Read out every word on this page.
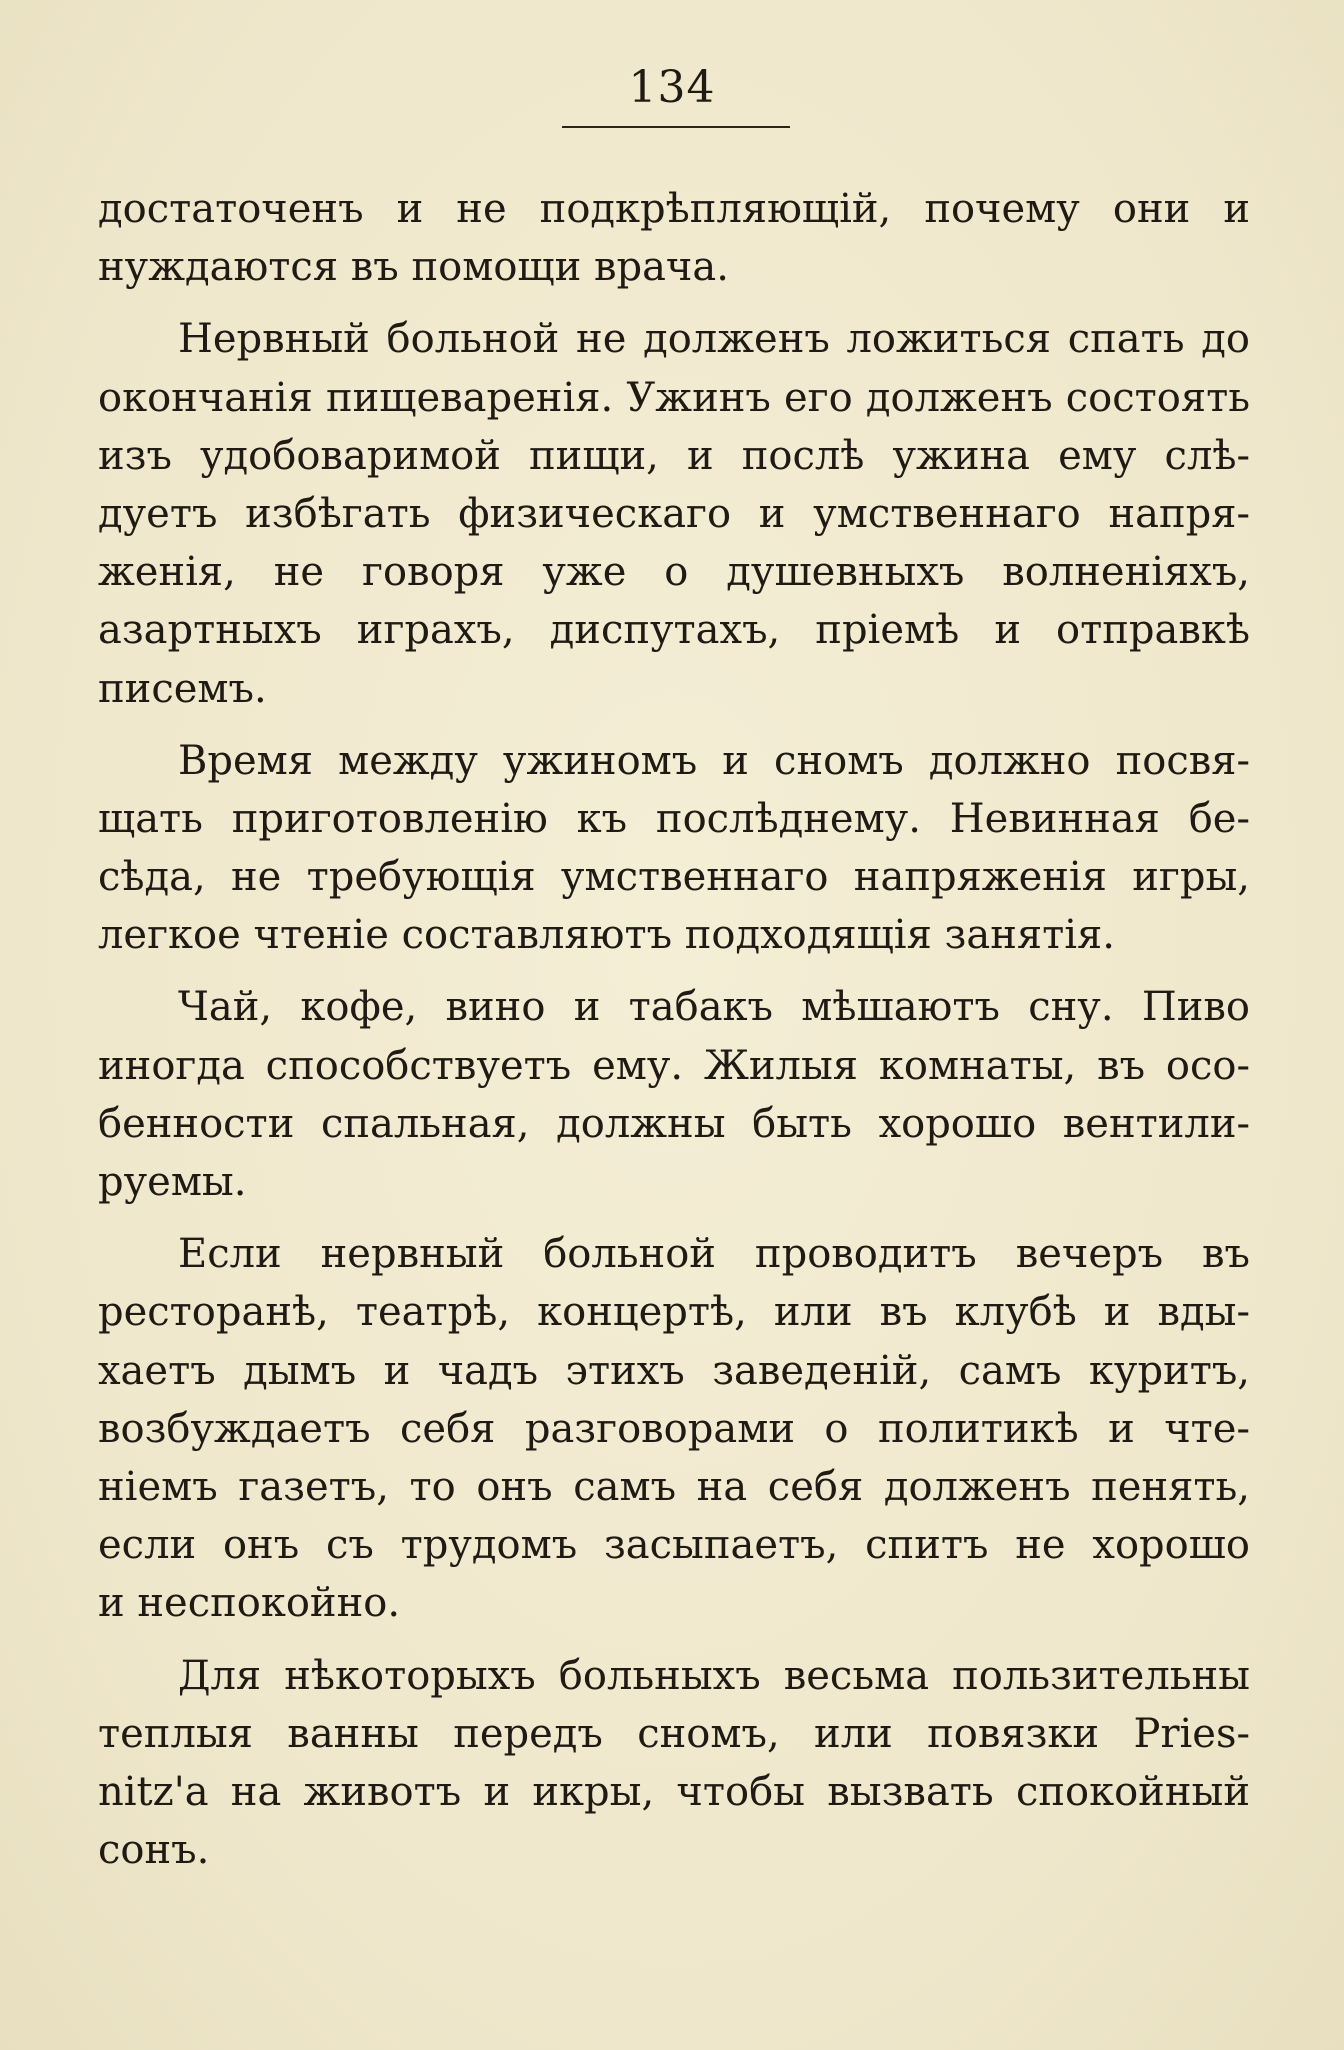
134
достаточенъ и не подкрѣпляющій, почему они и
нуждаются въ помощи врача.
Нервный больной не долженъ ложиться спать до
окончанія пищеваренія. Ужинъ его долженъ состоять
изъ удобоваримой пищи, и послѣ ужина ему слѣ-
дуетъ избѣгать физическаго и умственнаго напря-
женія, не говоря уже о душевныхъ волненіяхъ,
азартныхъ играхъ, диспутахъ, пріемѣ и отправкѣ
писемъ.
Время между ужиномъ и сномъ должно посвя-
щать приготовленію къ послѣднему. Невинная бе-
сѣда, не требующія умственнаго напряженія игры,
легкое чтеніе составляютъ подходящія занятія.
Чай, кофе, вино и табакъ мѣшаютъ сну. Пиво
иногда способствуетъ ему. Жилыя комнаты, въ осо-
бенности спальная, должны быть хорошо вентили-
руемы.
Если нервный больной проводитъ вечеръ въ
ресторанѣ, театрѣ, концертѣ, или въ клубѣ и вды-
хаетъ дымъ и чадъ этихъ заведеній, самъ куритъ,
возбуждаетъ себя разговорами о политикѣ и чте-
ніемъ газетъ, то онъ самъ на себя долженъ пенять,
если онъ съ трудомъ засыпаетъ, спитъ не хорошо
и неспокойно.
Для нѣкоторыхъ больныхъ весьма пользительны
теплыя ванны передъ сномъ, или повязки Pries-
nitz'а на животъ и икры, чтобы вызвать спокойный
сонъ.
